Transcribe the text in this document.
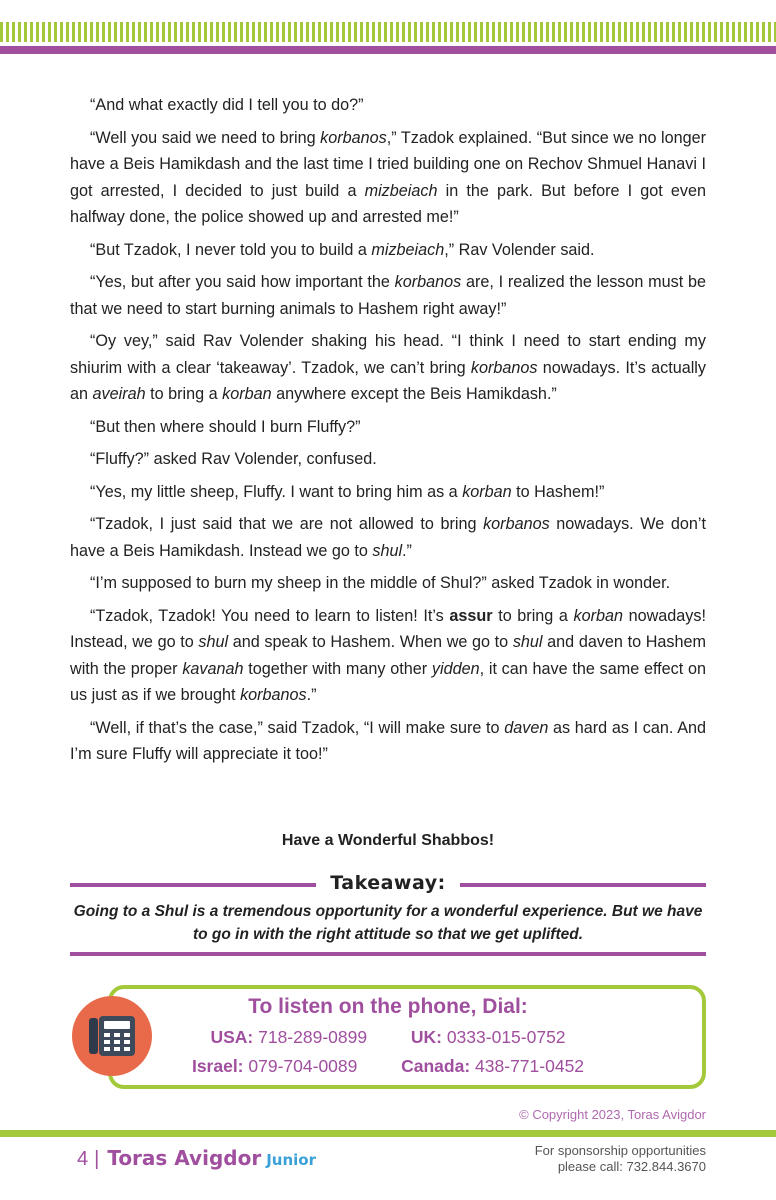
“And what exactly did I tell you to do?”

“Well you said we need to bring korbanos,” Tzadok explained. “But since we no longer have a Beis Hamikdash and the last time I tried building one on Rechov Shmuel Hanavi I got arrested, I decided to just build a mizbeiach in the park. But before I got even halfway done, the police showed up and arrested me!”

“But Tzadok, I never told you to build a mizbeiach,” Rav Volender said.

“Yes, but after you said how important the korbanos are, I realized the lesson must be that we need to start burning animals to Hashem right away!”

“Oy vey,” said Rav Volender shaking his head. “I think I need to start ending my shiurim with a clear ‘takeaway’. Tzadok, we can’t bring korbanos nowadays. It’s actually an aveirah to bring a korban anywhere except the Beis Hamikdash.”

“But then where should I burn Fluffy?”

“Fluffy?” asked Rav Volender, confused.

“Yes, my little sheep, Fluffy. I want to bring him as a korban to Hashem!”

“Tzadok, I just said that we are not allowed to bring korbanos nowadays. We don’t have a Beis Hamikdash. Instead we go to shul.”

“I’m supposed to burn my sheep in the middle of Shul?” asked Tzadok in wonder.

“Tzadok, Tzadok! You need to learn to listen! It’s assur to bring a korban nowadays! Instead, we go to shul and speak to Hashem. When we go to shul and daven to Hashem with the proper kavanah together with many other yidden, it can have the same effect on us just as if we brought korbanos.”

“Well, if that’s the case,” said Tzadok, “I will make sure to daven as hard as I can. And I’m sure Fluffy will appreciate it too!”

Have a Wonderful Shabbos!
Takeaway:
Going to a Shul is a tremendous opportunity for a wonderful experience. But we have to go in with the right attitude so that we get uplifted.
To listen on the phone, Dial:
USA: 718-289-0899	UK: 0333-015-0752
Israel: 079-704-0089	Canada: 438-771-0452
© Copyright 2023, Toras Avigdor
4 | Toras Avigdor Junior
For sponsorship opportunities
please call: 732.844.3670
